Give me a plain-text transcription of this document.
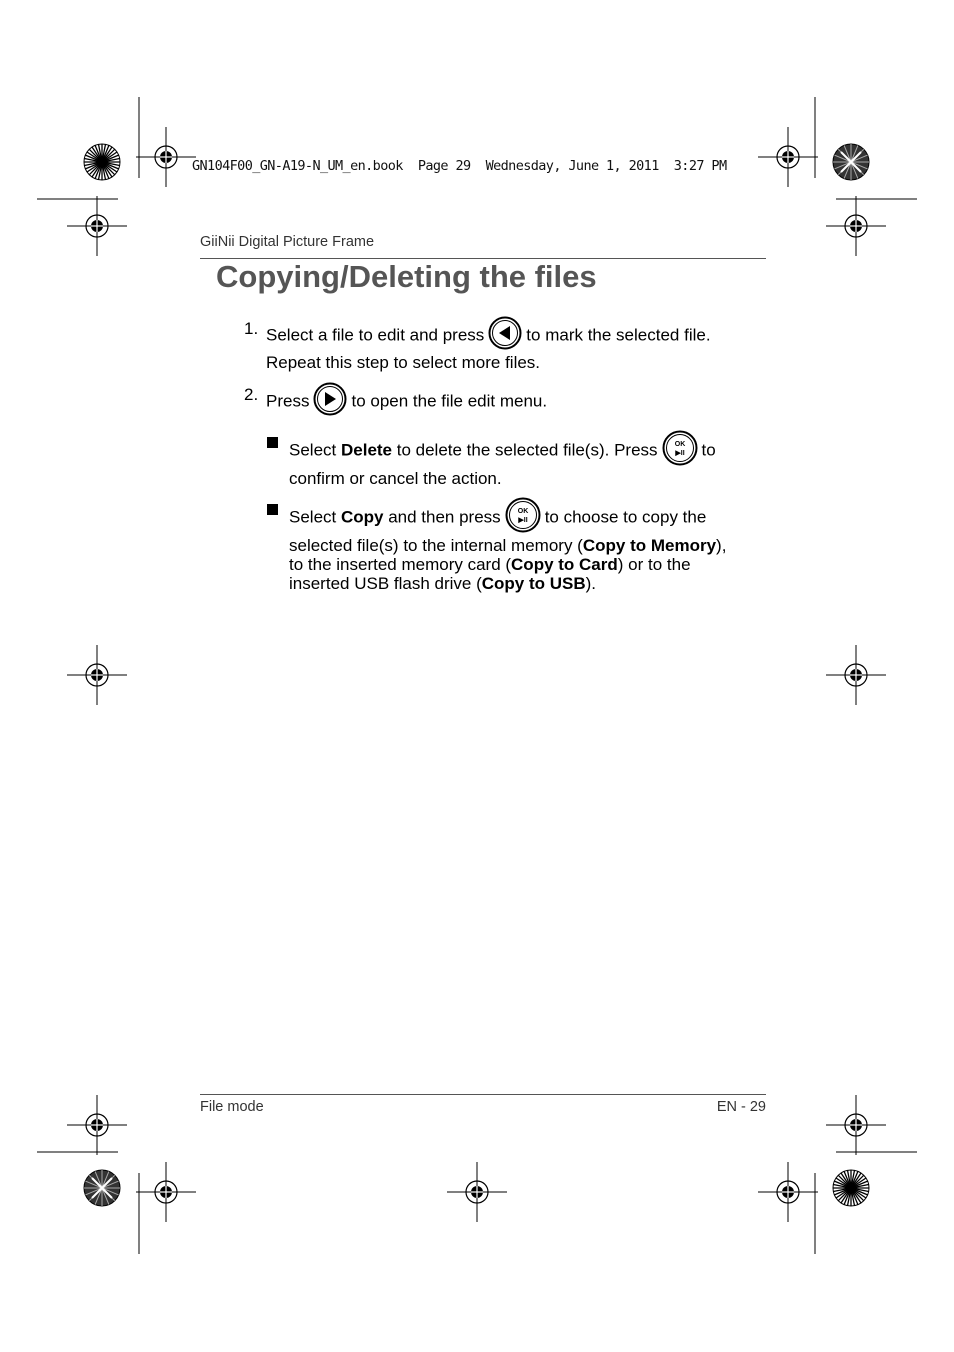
GN104F00_GN-A19-N_UM_en.book  Page 29  Wednesday, June 1, 2011  3:27 PM
GiiNii Digital Picture Frame
Copying/Deleting the files
1. Select a file to edit and press to mark the selected file.
Repeat this step to select more files.
2. Press to open the file edit menu.
Select Delete to delete the selected file(s). Press OK
▶II to
confirm or cancel the action.
Select Copy and then press OK
▶II to choose to copy the
selected file(s) to the internal memory (Copy to Memory),
to the inserted memory card (Copy to Card) or to the
inserted USB flash drive (Copy to USB).
File mode	EN - 29
